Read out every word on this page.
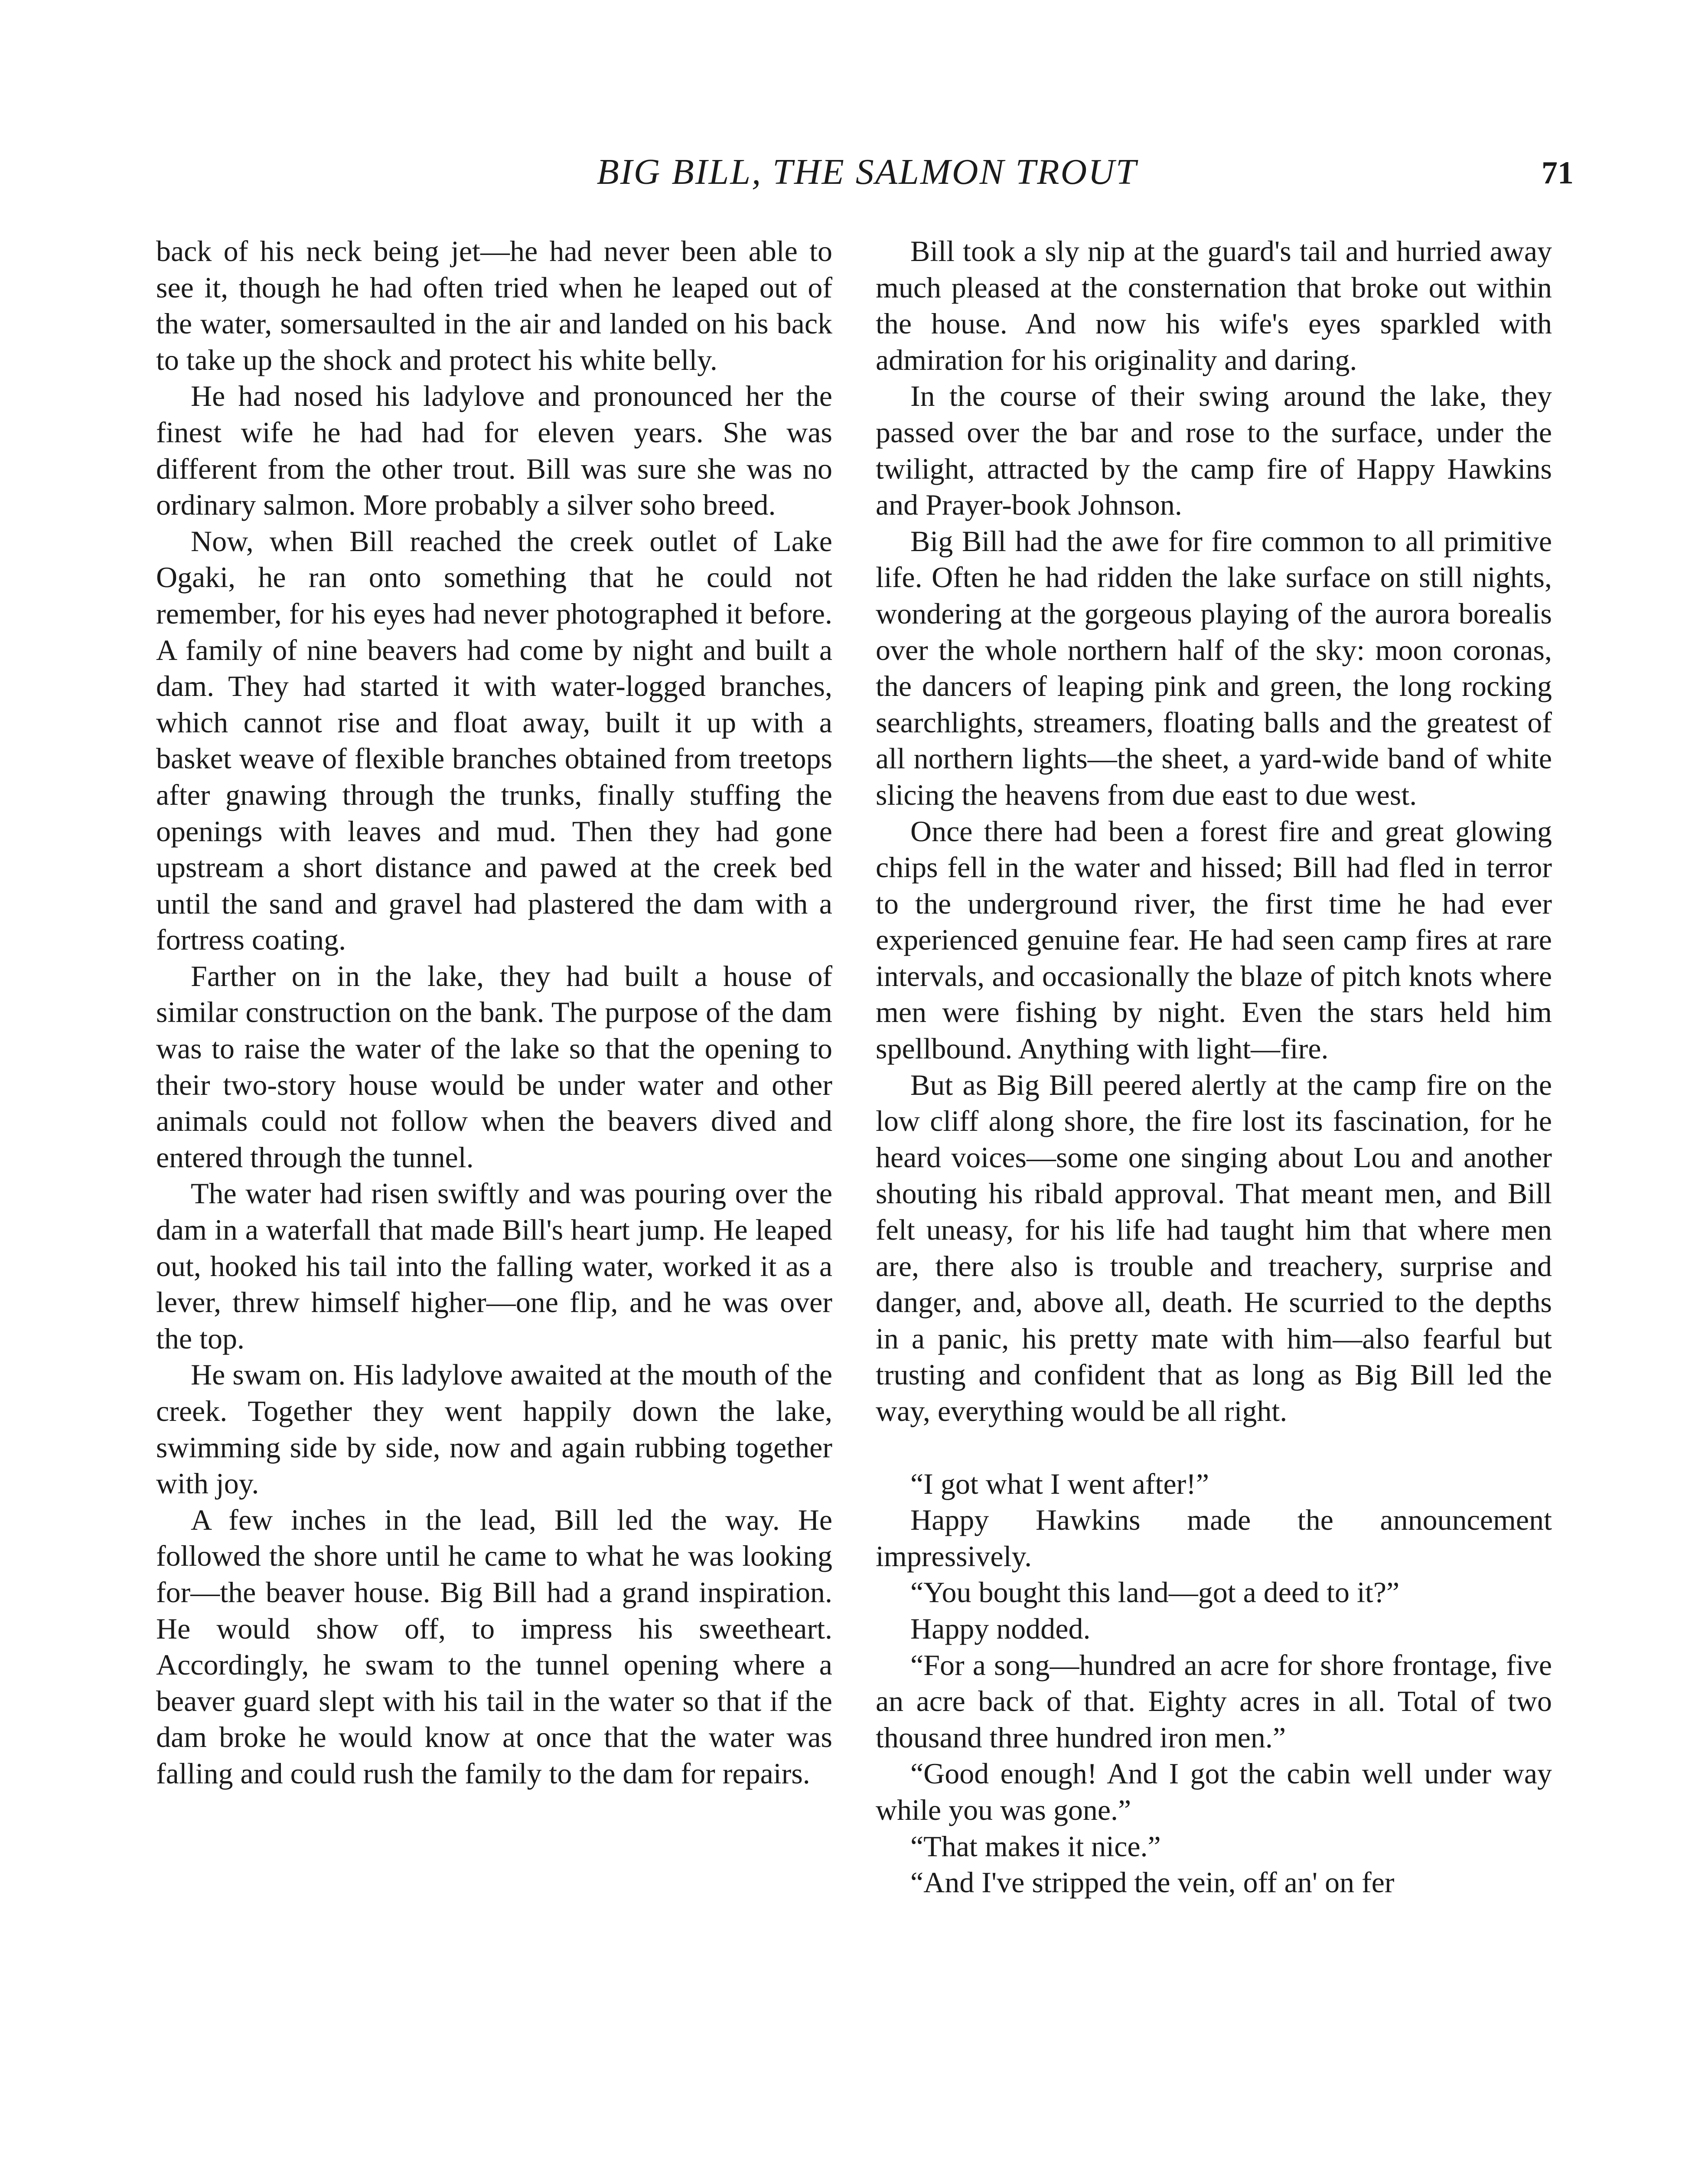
BIG BILL, THE SALMON TROUT	71

back of his neck being jet—he had never been able to see it, though he had often tried when he leaped out of the water, somersaulted in the air and landed on his back to take up the shock and protect his white belly.

He had nosed his ladylove and pronounced her the finest wife he had had for eleven years. She was different from the other trout. Bill was sure she was no ordinary salmon. More probably a silver soho breed.

Now, when Bill reached the creek outlet of Lake Ogaki, he ran onto something that he could not remember, for his eyes had never photographed it before. A family of nine beavers had come by night and built a dam. They had started it with water-logged branches, which cannot rise and float away, built it up with a basket weave of flexible branches obtained from treetops after gnawing through the trunks, finally stuffing the openings with leaves and mud. Then they had gone upstream a short distance and pawed at the creek bed until the sand and gravel had plastered the dam with a fortress coating.

Farther on in the lake, they had built a house of similar construction on the bank. The purpose of the dam was to raise the water of the lake so that the opening to their two-story house would be under water and other animals could not follow when the beavers dived and entered through the tunnel.

The water had risen swiftly and was pouring over the dam in a waterfall that made Bill's heart jump. He leaped out, hooked his tail into the falling water, worked it as a lever, threw himself higher—one flip, and he was over the top.

He swam on. His ladylove awaited at the mouth of the creek. Together they went happily down the lake, swimming side by side, now and again rubbing together with joy.

A few inches in the lead, Bill led the way. He followed the shore until he came to what he was looking for—the beaver house. Big Bill had a grand inspiration. He would show off, to impress his sweetheart. Accordingly, he swam to the tunnel opening where a beaver guard slept with his tail in the water so that if the dam broke he would know at once that the water was falling and could rush the family to the dam for repairs.

Bill took a sly nip at the guard's tail and hurried away much pleased at the consternation that broke out within the house. And now his wife's eyes sparkled with admiration for his originality and daring.

In the course of their swing around the lake, they passed over the bar and rose to the surface, under the twilight, attracted by the camp fire of Happy Hawkins and Prayer-book Johnson.

Big Bill had the awe for fire common to all primitive life. Often he had ridden the lake surface on still nights, wondering at the gorgeous playing of the aurora borealis over the whole northern half of the sky: moon coronas, the dancers of leaping pink and green, the long rocking searchlights, streamers, floating balls and the greatest of all northern lights—the sheet, a yard-wide band of white slicing the heavens from due east to due west.

Once there had been a forest fire and great glowing chips fell in the water and hissed; Bill had fled in terror to the underground river, the first time he had ever experienced genuine fear. He had seen camp fires at rare intervals, and occasionally the blaze of pitch knots where men were fishing by night. Even the stars held him spellbound. Anything with light—fire.

But as Big Bill peered alertly at the camp fire on the low cliff along shore, the fire lost its fascination, for he heard voices—some one singing about Lou and another shouting his ribald approval. That meant men, and Bill felt uneasy, for his life had taught him that where men are, there also is trouble and treachery, surprise and danger, and, above all, death. He scurried to the depths in a panic, his pretty mate with him—also fearful but trusting and confident that as long as Big Bill led the way, everything would be all right.

“I got what I went after!”

Happy Hawkins made the announcement impressively.

“You bought this land—got a deed to it?”

Happy nodded.

“For a song—hundred an acre for shore frontage, five an acre back of that. Eighty acres in all. Total of two thousand three hundred iron men.”

“Good enough! And I got the cabin well under way while you was gone.”

“That makes it nice.”

“And I've stripped the vein, off an' on fer
